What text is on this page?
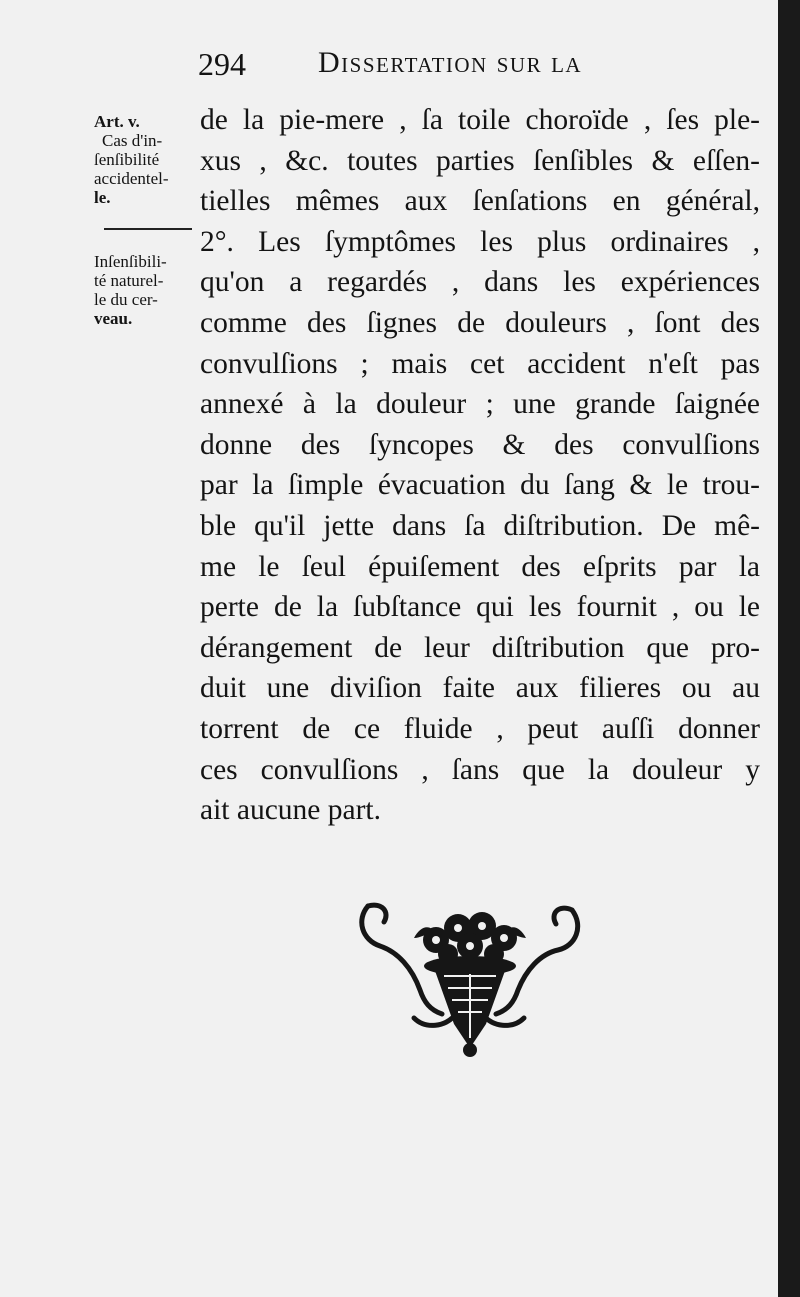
294 Dissertation sur la
Art. v.
Cas d'in-
ſenſibilité
accidentel-
le.
Inſenſibili-
té naturel-
le du cer-
veau.
de la pie-mere , ſa toile choroïde , ſes ple-
xus , &c. toutes parties ſenſibles & eſſen-
tielles mêmes aux ſenſations en général,
2°. Les ſymptômes les plus ordinaires ,
qu'on a regardés , dans les expériences
comme des ſignes de douleurs , ſont des
convulſions ; mais cet accident n'eſt pas
annexé à la douleur ; une grande ſaignée
donne des ſyncopes & des convulſions
par la ſimple évacuation du ſang & le trou-
ble qu'il jette dans ſa diſtribution. De mê-
me le ſeul épuiſement des eſprits par la
perte de la ſubſtance qui les fournit , ou le
dérangement de leur diſtribution que pro-
duit une diviſion faite aux filieres ou au
torrent de ce fluide , peut auſſi donner
ces convulſions , ſans que la douleur y
ait aucune part.
